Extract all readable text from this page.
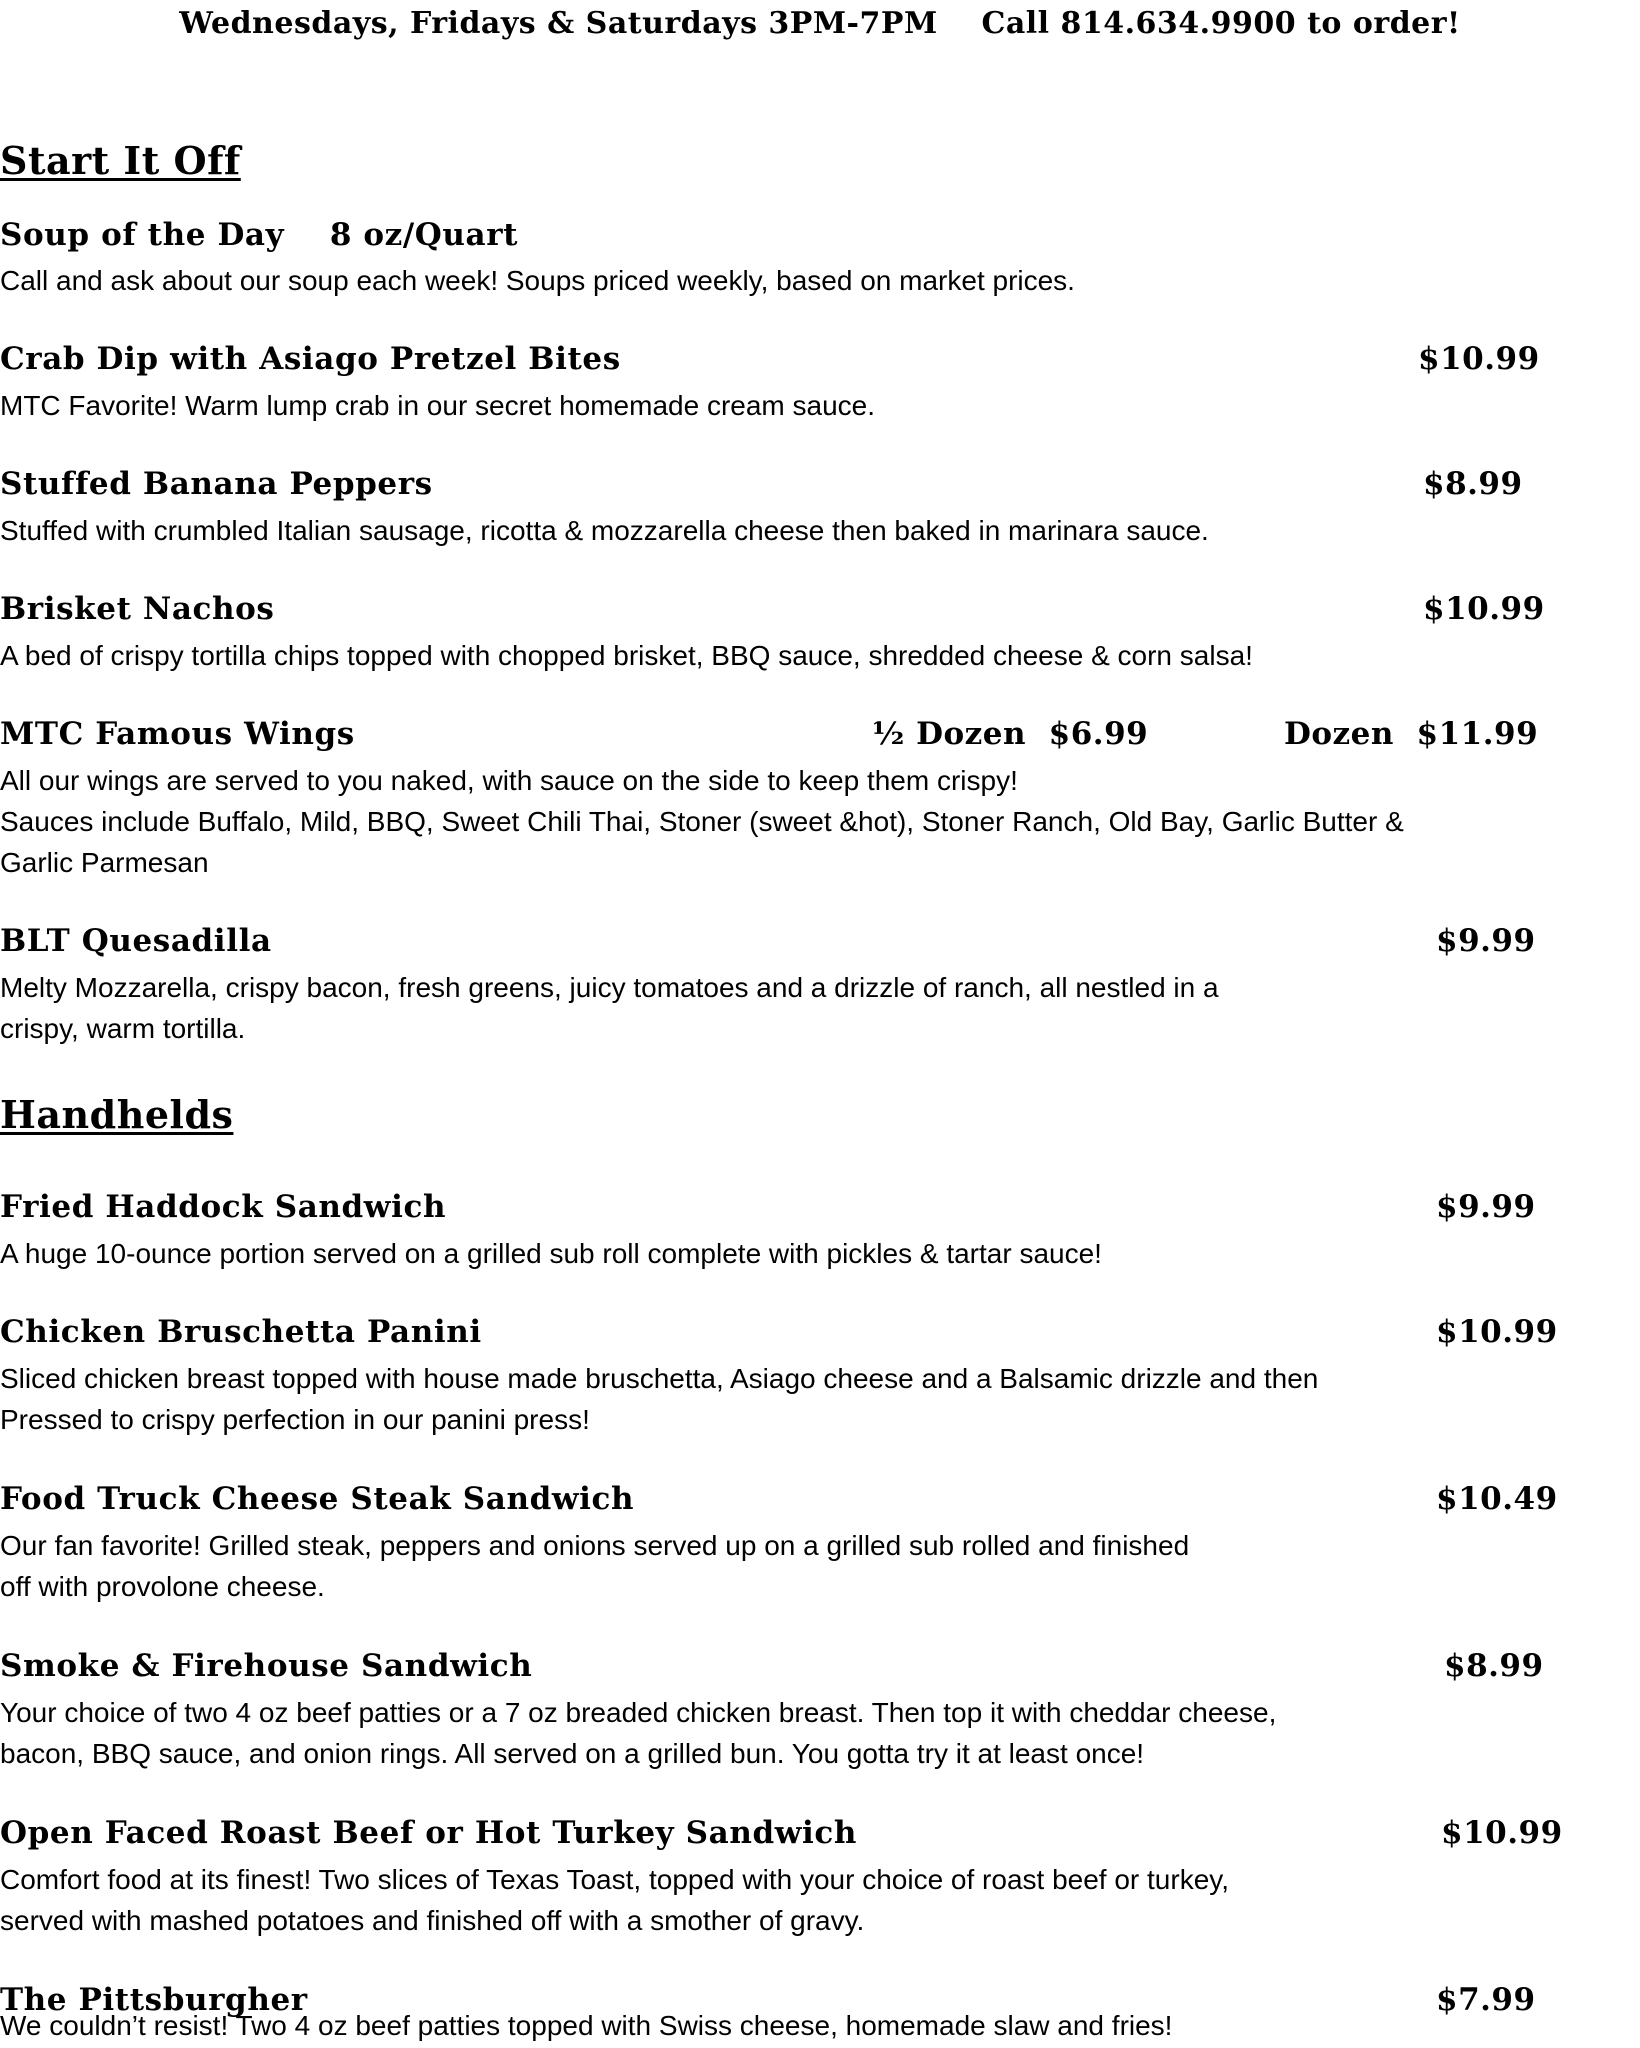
Wednesdays, Fridays & Saturdays 3PM-7PM Call 814.634.9900 to order!
Start It Off
Soup of the Day 8 oz/Quart
Call and ask about our soup each week! Soups priced weekly, based on market prices.
Crab Dip with Asiago Pretzel Bites	$10.99
MTC Favorite! Warm lump crab in our secret homemade cream sauce.
Stuffed Banana Peppers	$8.99
Stuffed with crumbled Italian sausage, ricotta & mozzarella cheese then baked in marinara sauce.
Brisket Nachos	$10.99
A bed of crispy tortilla chips topped with chopped brisket, BBQ sauce, shredded cheese & corn salsa!
MTC Famous Wings	½ Dozen  $6.99	Dozen  $11.99
All our wings are served to you naked, with sauce on the side to keep them crispy!
Sauces include Buffalo, Mild, BBQ, Sweet Chili Thai, Stoner (sweet &hot), Stoner Ranch, Old Bay, Garlic Butter &
Garlic Parmesan
BLT Quesadilla	$9.99
Melty Mozzarella, crispy bacon, fresh greens, juicy tomatoes and a drizzle of ranch, all nestled in a
crispy, warm tortilla.
Handhelds
Fried Haddock Sandwich	$9.99
A huge 10-ounce portion served on a grilled sub roll complete with pickles & tartar sauce!
Chicken Bruschetta Panini	$10.99
Sliced chicken breast topped with house made bruschetta, Asiago cheese and a Balsamic drizzle and then
Pressed to crispy perfection in our panini press!
Food Truck Cheese Steak Sandwich	$10.49
Our fan favorite! Grilled steak, peppers and onions served up on a grilled sub rolled and finished
off with provolone cheese.
Smoke & Firehouse Sandwich	$8.99
Your choice of two 4 oz beef patties or a 7 oz breaded chicken breast. Then top it with cheddar cheese,
bacon, BBQ sauce, and onion rings. All served on a grilled bun. You gotta try it at least once!
Open Faced Roast Beef or Hot Turkey Sandwich	$10.99
Comfort food at its finest! Two slices of Texas Toast, topped with your choice of roast beef or turkey,
served with mashed potatoes and finished off with a smother of gravy.
The Pittsburgher	$7.99
We couldn’t resist! Two 4 oz beef patties topped with Swiss cheese, homemade slaw and fries!
